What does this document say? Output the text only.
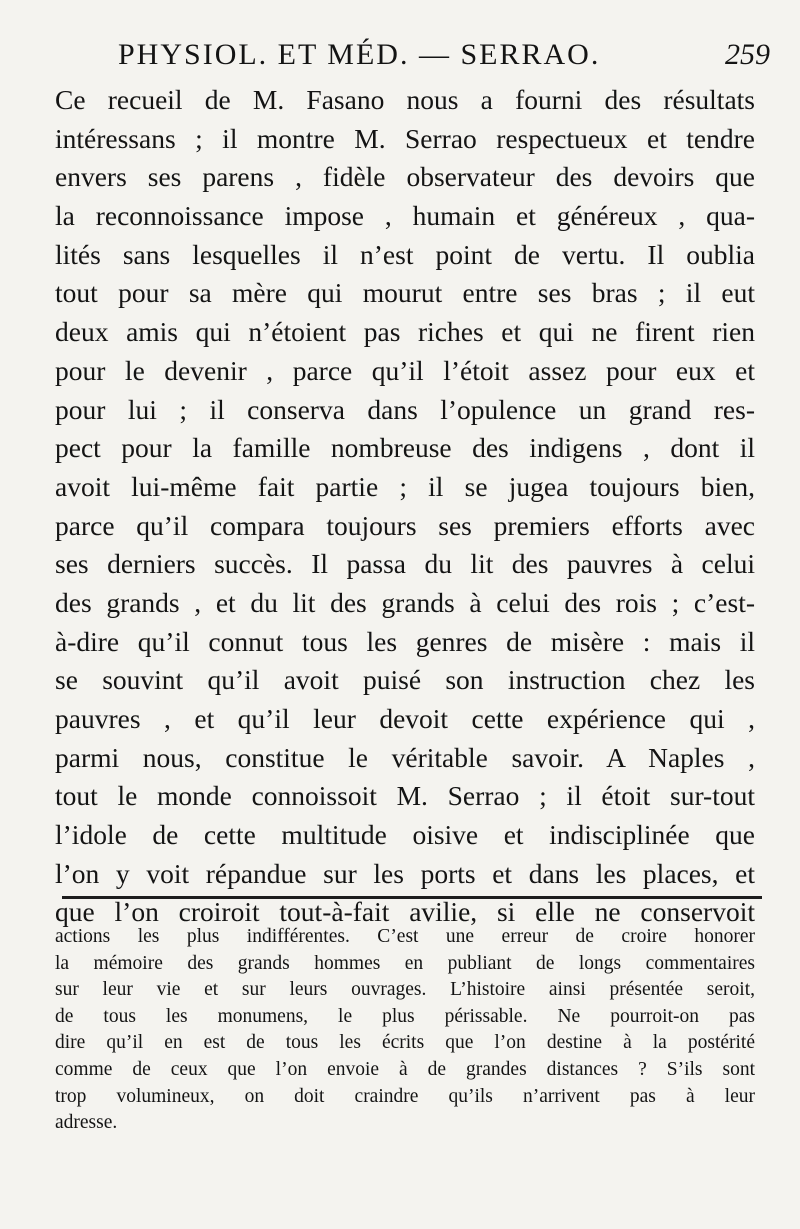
PHYSIOL. ET MÉD. — SERRAO.	259
Ce recueil de M. Fasano nous a fourni des résultats
intéressans ; il montre M. Serrao respectueux et tendre
envers ses parens , fidèle observateur des devoirs que
la reconnoissance impose , humain et généreux , qua-
lités sans lesquelles il n’est point de vertu. Il oublia
tout pour sa mère qui mourut entre ses bras ; il eut
deux amis qui n’étoient pas riches et qui ne firent rien
pour le devenir , parce qu’il l’étoit assez pour eux et
pour lui ; il conserva dans l’opulence un grand res-
pect pour la famille nombreuse des indigens , dont il
avoit lui-même fait partie ; il se jugea toujours bien,
parce qu’il compara toujours ses premiers efforts avec
ses derniers succès. Il passa du lit des pauvres à celui
des grands , et du lit des grands à celui des rois ; c’est-
à-dire qu’il connut tous les genres de misère : mais il
se souvint qu’il avoit puisé son instruction chez les
pauvres , et qu’il leur devoit cette expérience qui ,
parmi nous, constitue le véritable savoir. A Naples ,
tout le monde connoissoit M. Serrao ; il étoit sur-tout
l’idole de cette multitude oisive et indisciplinée que
l’on y voit répandue sur les ports et dans les places, et
que l’on croiroit tout-à-fait avilie, si elle ne conservoit
actions les plus indifférentes. C’est une erreur de croire honorer
la mémoire des grands hommes en publiant de longs commentaires
sur leur vie et sur leurs ouvrages. L’histoire ainsi présentée seroit,
de tous les monumens, le plus périssable. Ne pourroit-on pas
dire qu’il en est de tous les écrits que l’on destine à la postérité
comme de ceux que l’on envoie à de grandes distances ? S’ils sont
trop volumineux, on doit craindre qu’ils n’arrivent pas à leur
adresse.
